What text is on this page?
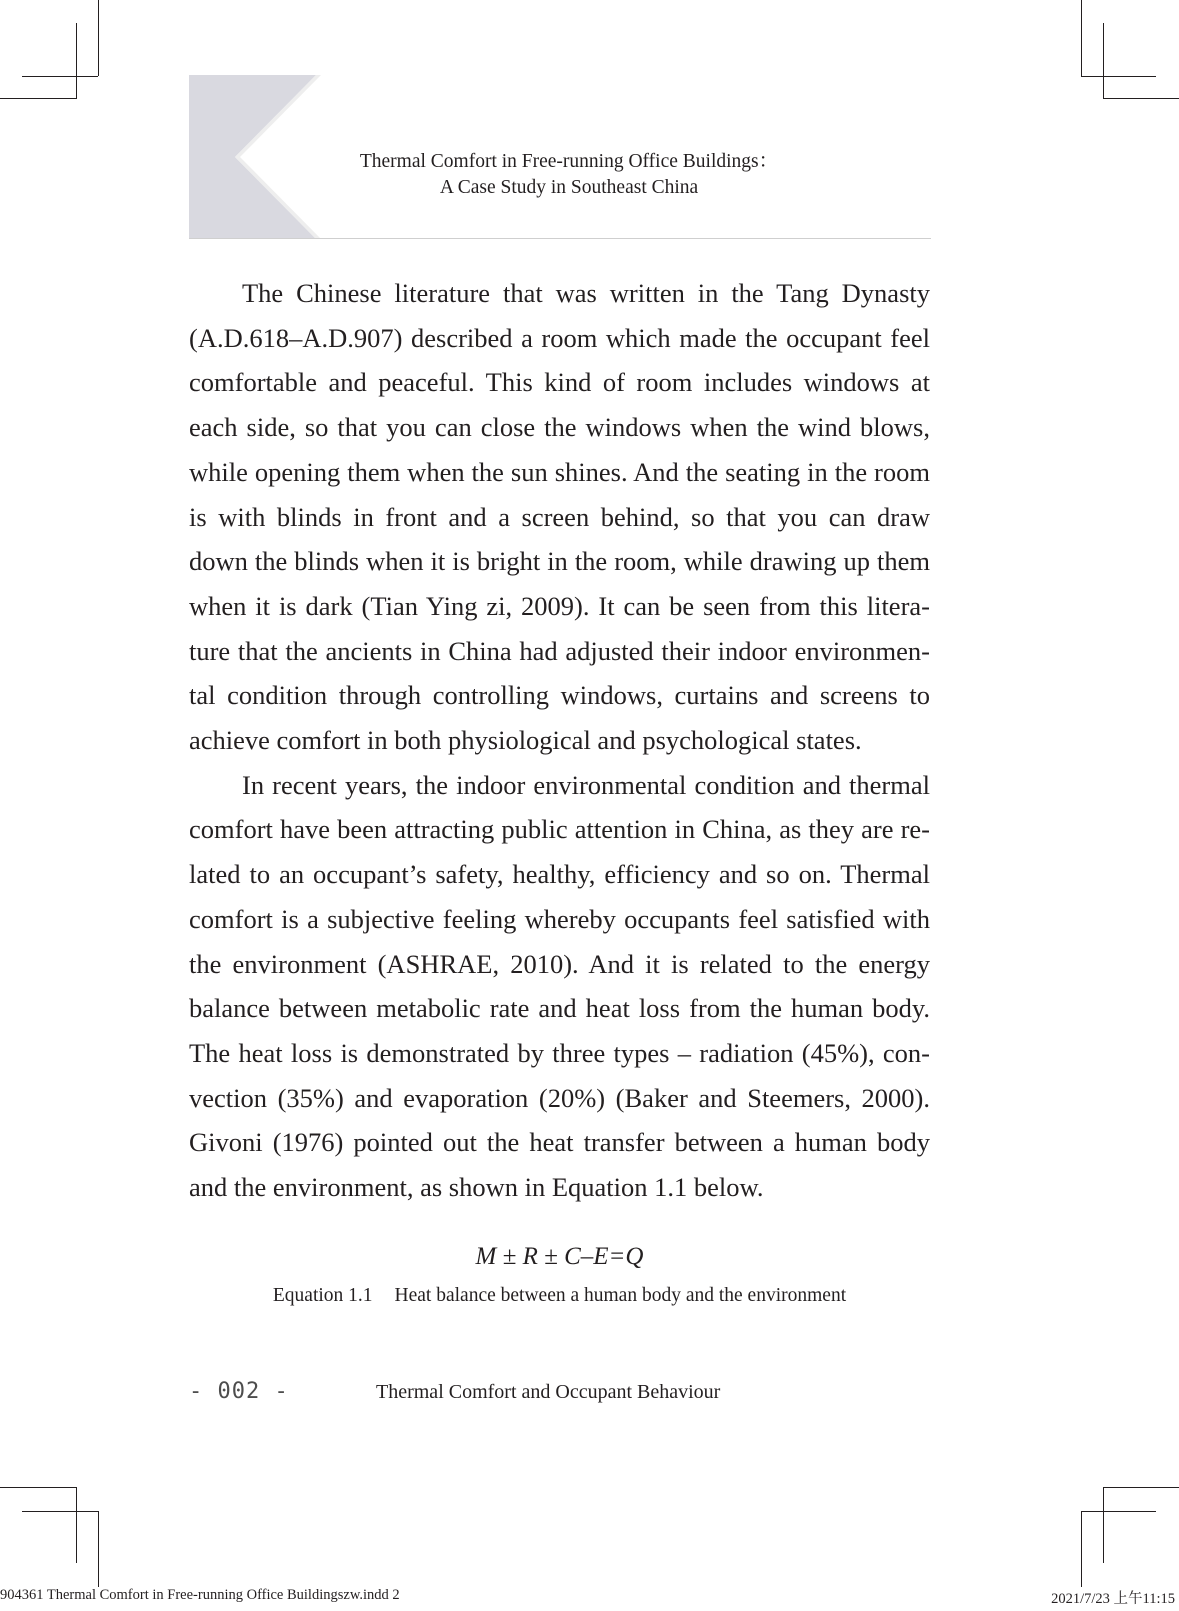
Thermal Comfort in Free-running Office Buildings：
A Case Study in Southeast China

The Chinese literature that was written in the Tang Dynasty (A.D.618–A.D.907) described a room which made the occupant feel comfortable and peaceful. This kind of room includes windows at each side, so that you can close the windows when the wind blows, while opening them when the sun shines. And the seating in the room is with blinds in front and a screen behind, so that you can draw down the blinds when it is bright in the room, while drawing up them when it is dark (Tian Ying zi, 2009). It can be seen from this literature that the ancients in China had adjusted their indoor environmental condition through controlling windows, curtains and screens to achieve comfort in both physiological and psychological states.

In recent years, the indoor environmental condition and thermal comfort have been attracting public attention in China, as they are related to an occupant’s safety, healthy, efficiency and so on. Thermal comfort is a subjective feeling whereby occupants feel satisfied with the environment (ASHRAE, 2010). And it is related to the energy balance between metabolic rate and heat loss from the human body. The heat loss is demonstrated by three types – radiation (45%), convection (35%) and evaporation (20%) (Baker and Steemers, 2000). Givoni (1976) pointed out the heat transfer between a human body and the environment, as shown in Equation 1.1 below.

M ± R ± C–E=Q
Equation 1.1 Heat balance between a human body and the environment
- 002 -	Thermal Comfort and Occupant Behaviour
904361 Thermal Comfort in Free-running Office Buildingszw.indd 2	2021/7/23 上午11:15
